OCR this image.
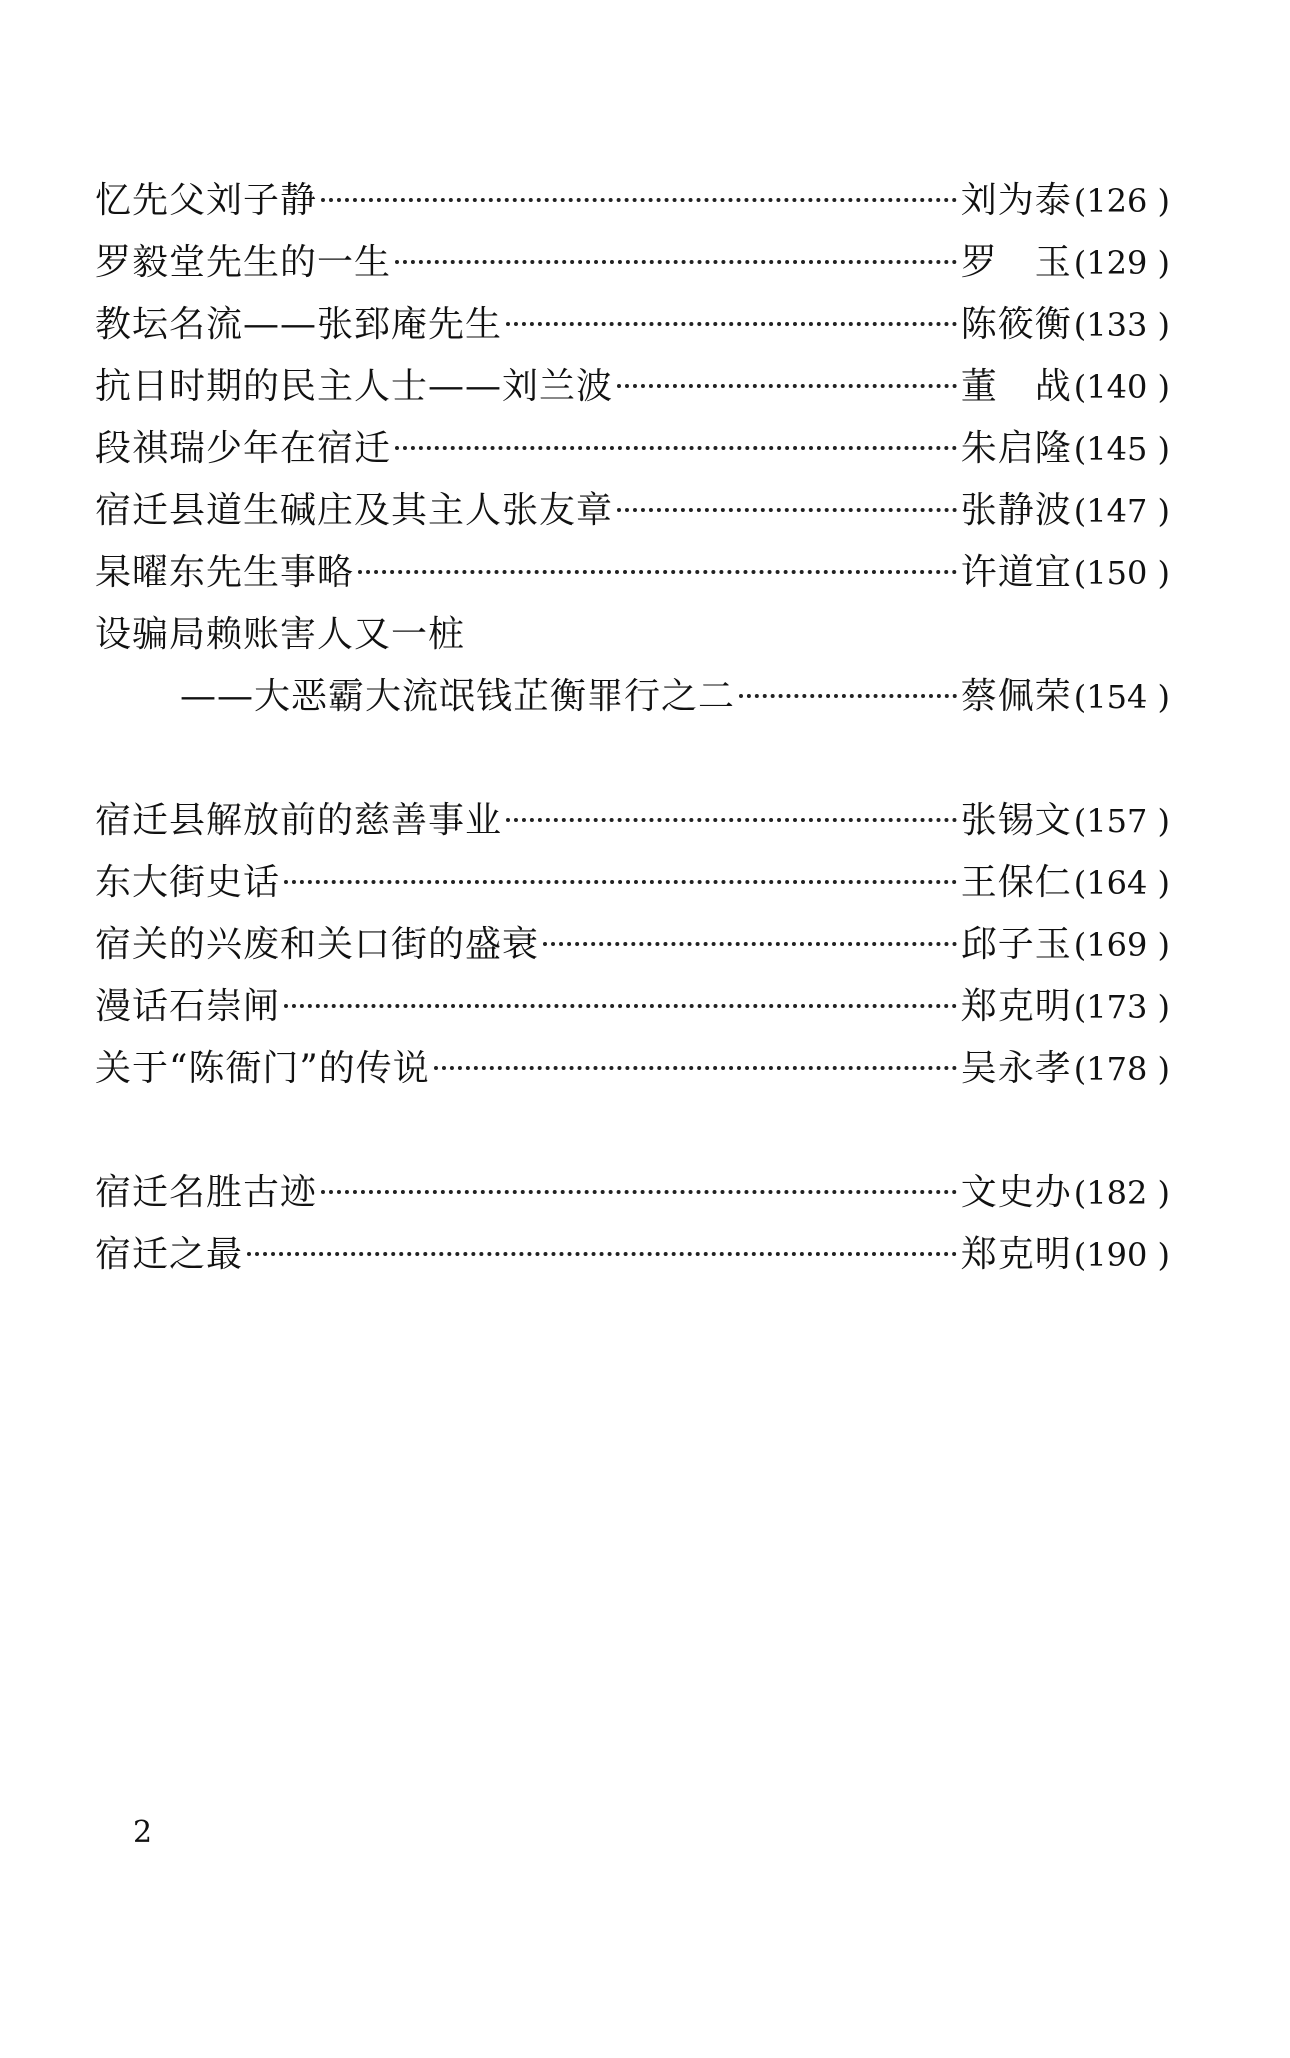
忆先父刘子静	刘为泰 (126 )
罗毅堂先生的一生	罗　玉 (129 )
教坛名流——张郅庵先生	陈筱衡 (133 )
抗日时期的民主人士——刘兰波	董　战 (140 )
段祺瑞少年在宿迁	朱启隆 (145 )
宿迁县道生碱庄及其主人张友章	张静波 (147 )
杲曜东先生事略	许道宜 (150 )
设骗局赖账害人又一桩
——大恶霸大流氓钱芷衡罪行之二	蔡佩荣 (154 )
宿迁县解放前的慈善事业	张锡文 (157 )
东大街史话	王保仁 (164 )
宿关的兴废和关口街的盛衰	邱子玉 (169 )
漫话石崇闸	郑克明 (173 )
关于“陈衙门”的传说	吴永孝 (178 )
宿迁名胜古迹	文史办 (182 )
宿迁之最	郑克明 (190 )
2
